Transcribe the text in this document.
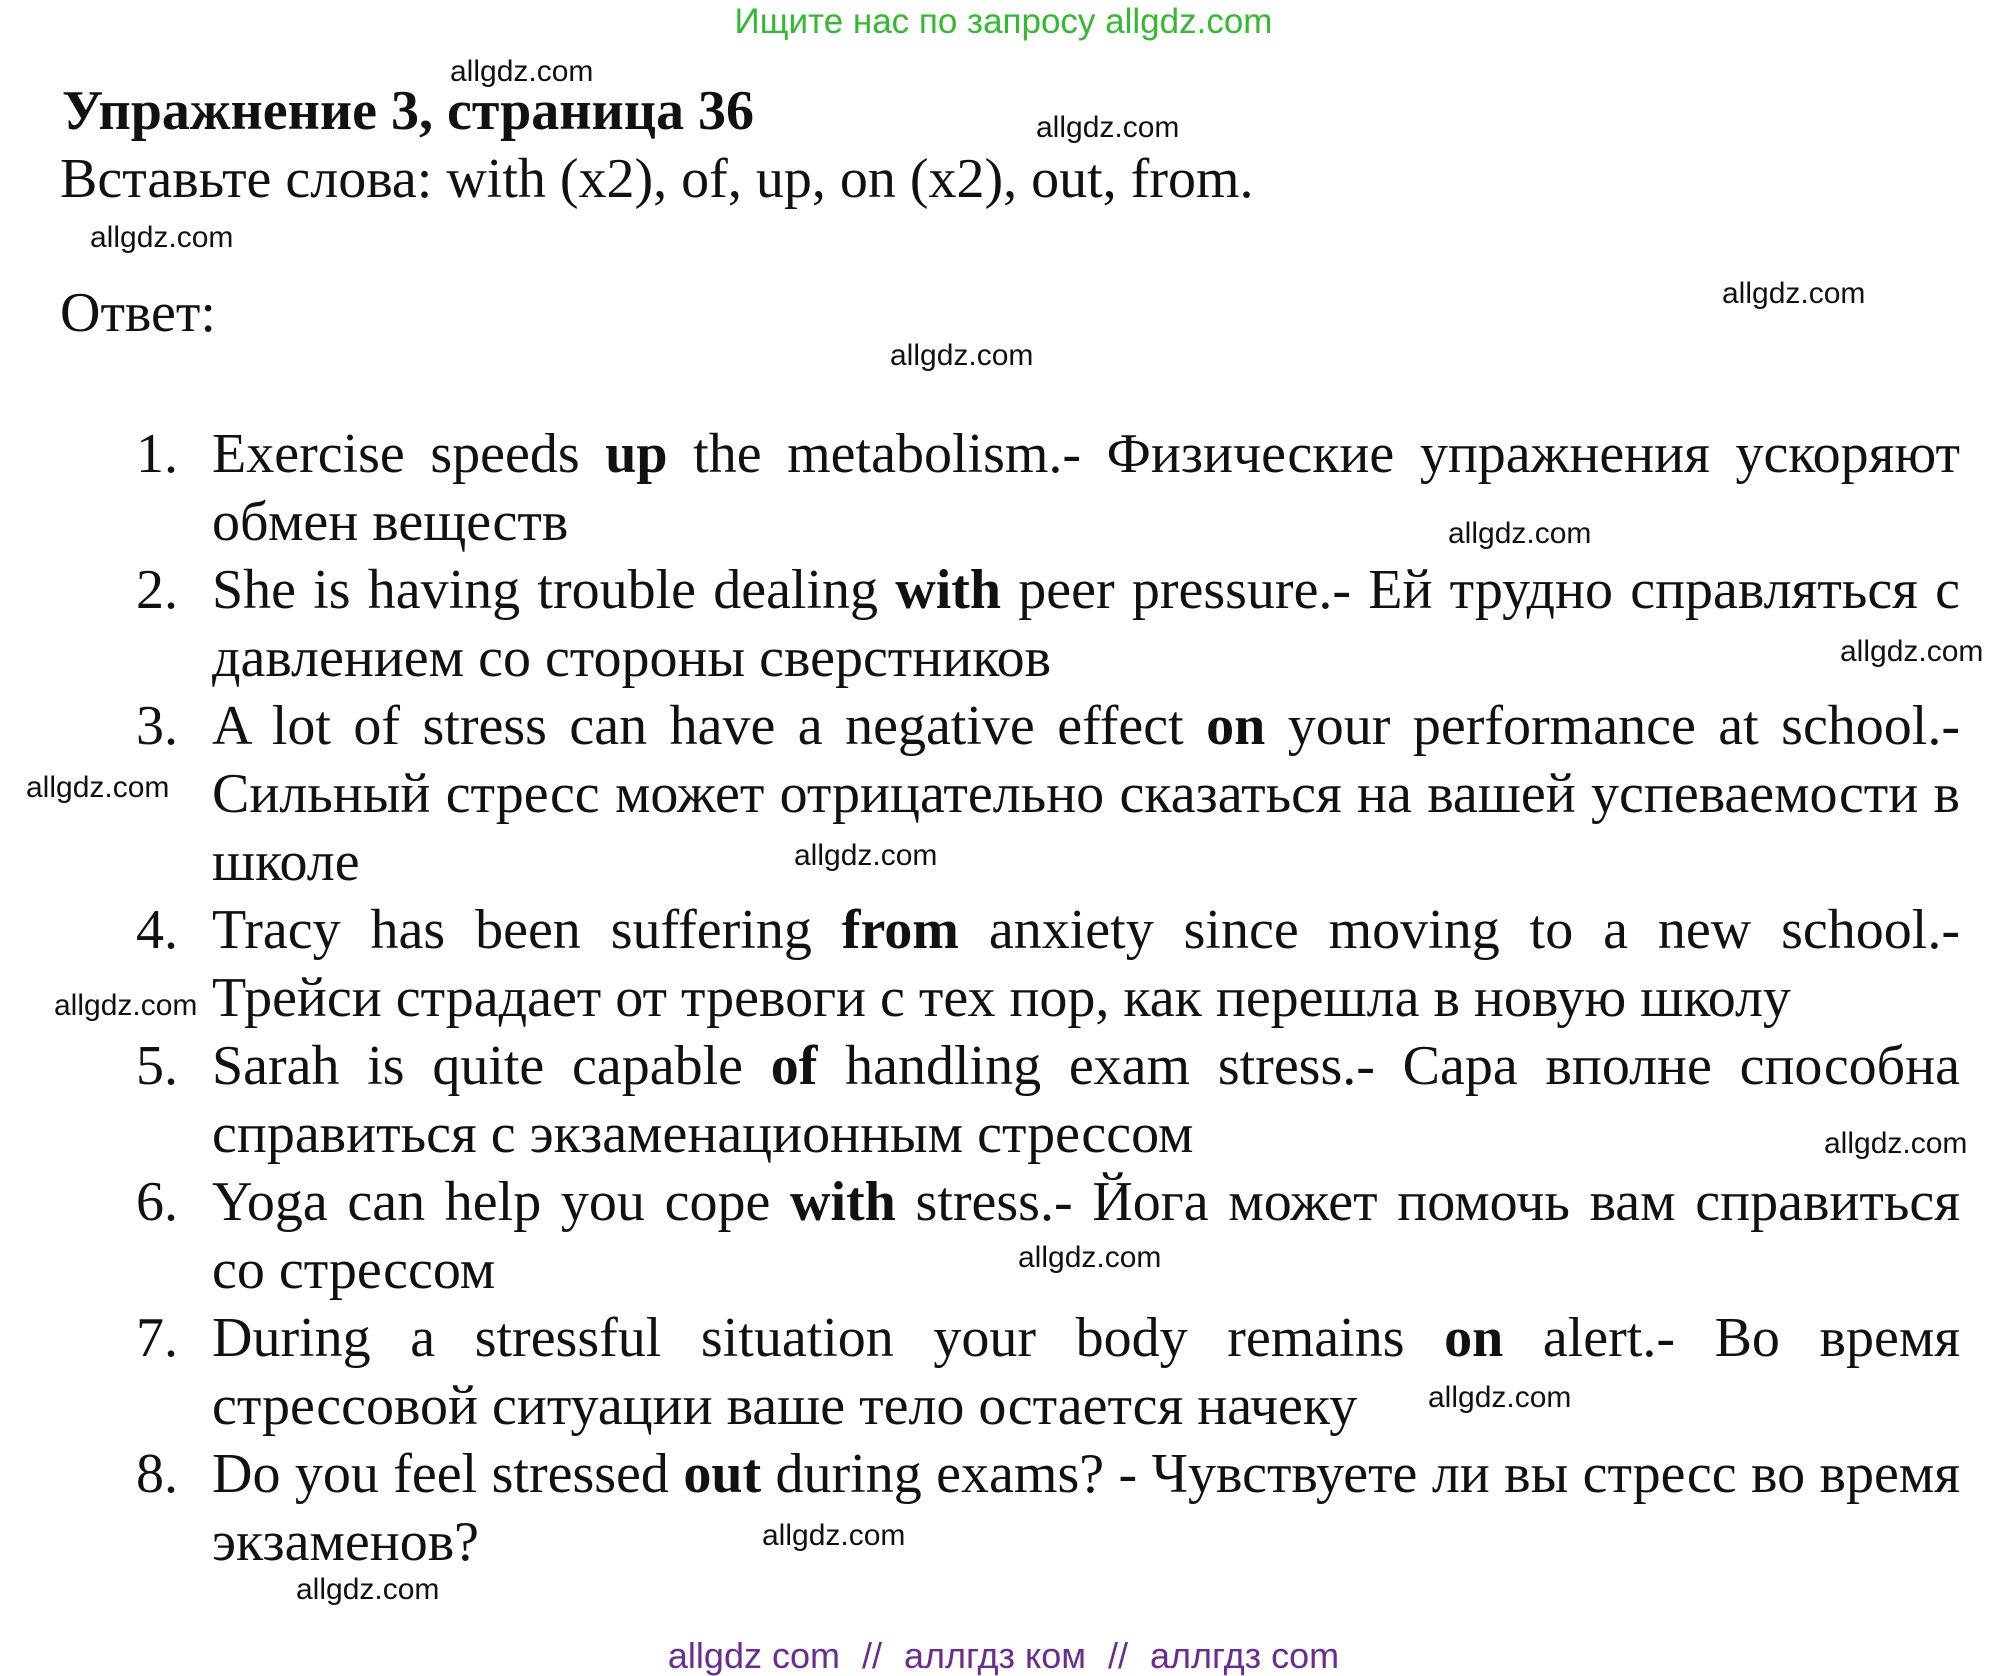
Ищите нас по запросу allgdz.com
Упражнение 3, страница 36
Вставьте слова: with (x2), of, up, on (x2), out, from.
Ответ:
1. Exercise speeds up the metabolism.- Физические упражнения ускоряют обмен веществ
2. She is having trouble dealing with peer pressure.- Ей трудно справляться с давлением со стороны сверстников
3. A lot of stress can have a negative effect on your performance at school.- Сильный стресс может отрицательно сказаться на вашей успеваемости в школе
4. Tracy has been suffering from anxiety since moving to a new school.- Трейси страдает от тревоги с тех пор, как перешла в новую школу
5. Sarah is quite capable of handling exam stress.- Сара вполне способна справиться с экзаменационным стрессом
6. Yoga can help you cope with stress.- Йога может помочь вам справиться со стрессом
7. During a stressful situation your body remains on alert.- Во время стрессовой ситуации ваше тело остается начеку
8. Do you feel stressed out during exams? - Чувствуете ли вы стресс во время экзаменов?
allgdz.com
allgdz.com
allgdz.com
allgdz.com
allgdz.com
allgdz.com
allgdz.com
allgdz.com
allgdz.com
allgdz.com
allgdz.com
allgdz.com
allgdz.com
allgdz.com
allgdz.com
allgdz com // аллгдз ком // аллгдз com
